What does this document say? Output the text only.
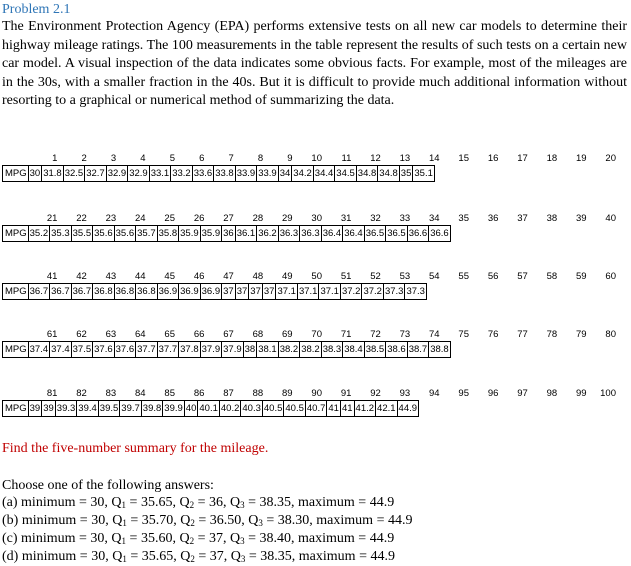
Problem 2.1
The Environment Protection Agency (EPA) performs extensive tests on all new car models to determine their highway mileage ratings. The 100 measurements in the table represent the results of such tests on a certain new car model. A visual inspection of the data indicates some obvious facts. For example, most of the mileages are in the 30s, with a smaller fraction in the 40s. But it is difficult to provide much additional information without resorting to a graphical or numerical method of summarizing the data.
1	2	3	4	5	6	7	8	9	10	11	12	13	14	15	16	17	18	19	20
MPG	30	31.8	32.5	32.7	32.9	32.9	33.1	33.2	33.6	33.8	33.9	33.9	34	34.2	34.4	34.5	34.8	34.8	35	35.1
21	22	23	24	25	26	27	28	29	30	31	32	33	34	35	36	37	38	39	40
MPG	35.2	35.3	35.5	35.6	35.6	35.7	35.8	35.9	35.9	36	36.1	36.2	36.3	36.3	36.4	36.4	36.5	36.5	36.6	36.6
41	42	43	44	45	46	47	48	49	50	51	52	53	54	55	56	57	58	59	60
MPG	36.7	36.7	36.7	36.8	36.8	36.8	36.9	36.9	36.9	37	37	37	37	37.1	37.1	37.1	37.2	37.2	37.3	37.3
61	62	63	64	65	66	67	68	69	70	71	72	73	74	75	76	77	78	79	80
MPG	37.4	37.4	37.5	37.6	37.6	37.7	37.7	37.8	37.9	37.9	38	38.1	38.2	38.2	38.3	38.4	38.5	38.6	38.7	38.8
81	82	83	84	85	86	87	88	89	90	91	92	93	94	95	96	97	98	99	100
MPG	39	39	39.3	39.4	39.5	39.7	39.8	39.9	40	40.1	40.2	40.3	40.5	40.5	40.7	41	41	41.2	42.1	44.9
Find the five-number summary for the mileage.
Choose one of the following answers:
(a) minimum = 30, $Q_1 = 35.65$, $Q_2 = 36$, $Q_3 = 38.35$, maximum = 44.9
(b) minimum = 30, $Q_1 = 35.70$, $Q_2 = 36.50$, $Q_3 = 38.30$, maximum = 44.9
(c) minimum = 30, $Q_1 = 35.60$, $Q_2 = 37$, $Q_3 = 38.40$, maximum = 44.9
(d) minimum = 30, $Q_1 = 35.65$, $Q_2 = 37$, $Q_3 = 38.35$, maximum = 44.9
